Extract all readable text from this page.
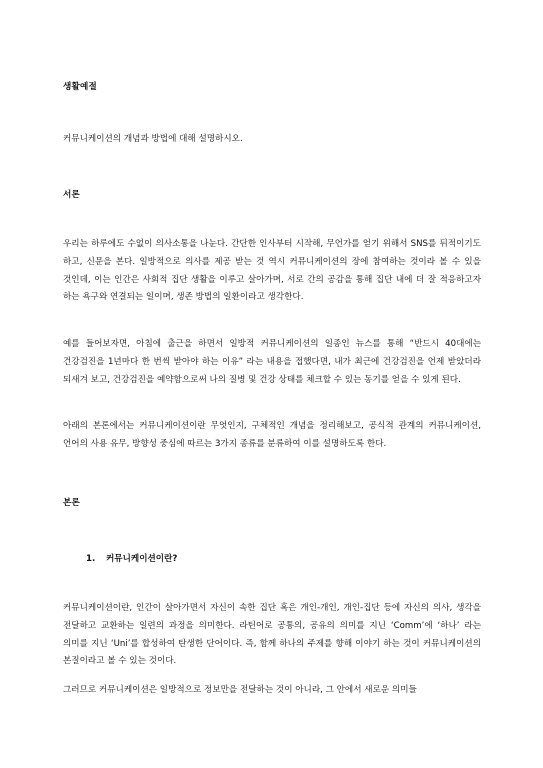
생활예절
커뮤니케이션의 개념과 방법에 대해 설명하시오.
서론

우리는 하루에도 수없이 의사소통을 나눈다. 간단한 인사부터 시작해, 무언가를 얻기 위해서 SNS를 뒤적이기도 하고, 신문을 본다. 일방적으로 의사를 제공 받는 것 역시 커뮤니케이션의 장에 참여하는 것이라 볼 수 있을 것인데, 이는 인간은 사회적 집단 생활을 이루고 살아가며, 서로 간의 공감을 통해 집단 내에 더 잘 적응하고자 하는 욕구와 연결되는 일이며, 생존 방법의 일환이라고 생각한다.

예를 들어보자면, 아침에 출근을 하면서 일방적 커뮤니케이션의 일종인 뉴스를 통해 “반드시 40대에는 건강검진을 1년마다 한 번씩 받아야 하는 이유” 라는 내용을 접했다면, 내가 최근에 건강검진을 언제 받았더라 되새겨 보고, 건강검진을 예약함으로써 나의 질병 및 건강 상태를 체크할 수 있는 동기를 얻을 수 있게 된다.

아래의 본론에서는 커뮤니케이션이란 무엇인지, 구체적인 개념을 정리해보고, 공식적 관계의 커뮤니케이션, 언어의 사용 유무, 방향성 중심에 따르는 3가지 종류를 분류하여 이를 설명하도록 한다.

본론
1. 커뮤니케이션이란?

커뮤니케이션이란, 인간이 살아가면서 자신이 속한 집단 혹은 개인-개인, 개인-집단 등에 자신의 의사, 생각을 전달하고 교환하는 일련의 과정을 의미한다. 라틴어로 공통의, 공유의 의미를 지닌 ‘Comm’에 ‘하나’ 라는 의미를 지닌 ‘Uni’를 합성하여 탄생한 단어이다. 즉, 함께 하나의 주제를 향해 이야기 하는 것이 커뮤니케이션의 본질이라고 볼 수 있는 것이다.

그러므로 커뮤니케이션은 일방적으로 정보만을 전달하는 것이 아니라, 그 안에서 새로운 의미들
